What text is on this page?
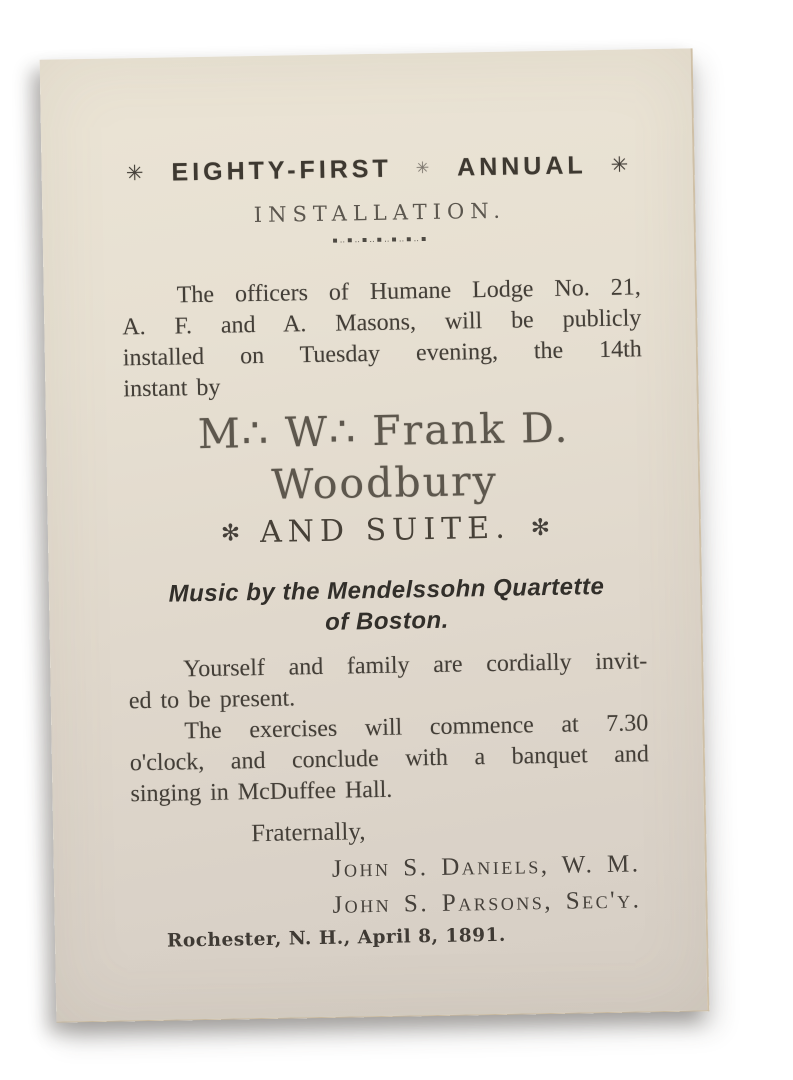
✳ EIGHTY-FIRST ✳ ANNUAL ✳
INSTALLATION.
▪‥▪‥▪‥▪‥▪‥▪‥▪
The officers of Humane Lodge No. 21,
A. F. and A. Masons, will be publicly
installed on Tuesday evening, the 14th
instant by
M∴ W∴ Frank D. Woodbury
✻ AND SUITE. ✻
Music by the Mendelssohn Quartette
of Boston.
Yourself and family are cordially invit-
ed to be present.
The exercises will commence at 7.30
o'clock, and conclude with a banquet and
singing in McDuffee Hall.
Fraternally,
John S. Daniels, W. M.
John S. Parsons, Sec'y.
Rochester, N. H., April 8, 1891.
